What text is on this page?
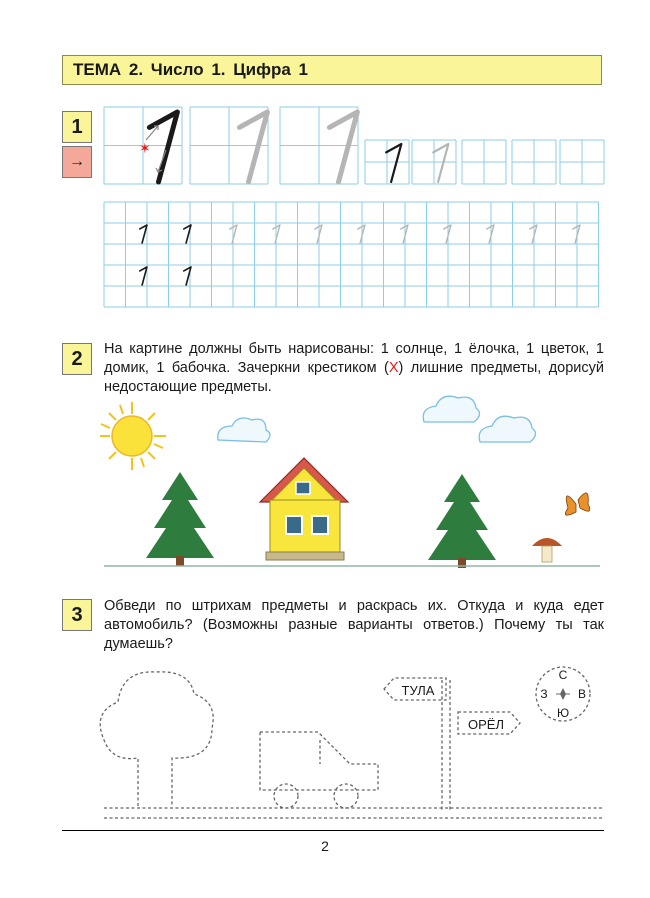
ТЕМА 2. Число 1. Цифра 1
1
→
2	На картине должны быть нарисованы: 1 солнце, 1 ёлочка, 1 цветок, 1 домик, 1 бабочка. Зачеркни крестиком (X) лишние предметы, дорисуй недостающие предметы.
3	Обведи по штрихам предметы и раскрась их. Откуда и куда едет автомобиль? (Возможны разные варианты ответов.) Почему ты так думаешь?
✶
ТУЛА
ОРЁЛ
С
Ю
З	В
2
